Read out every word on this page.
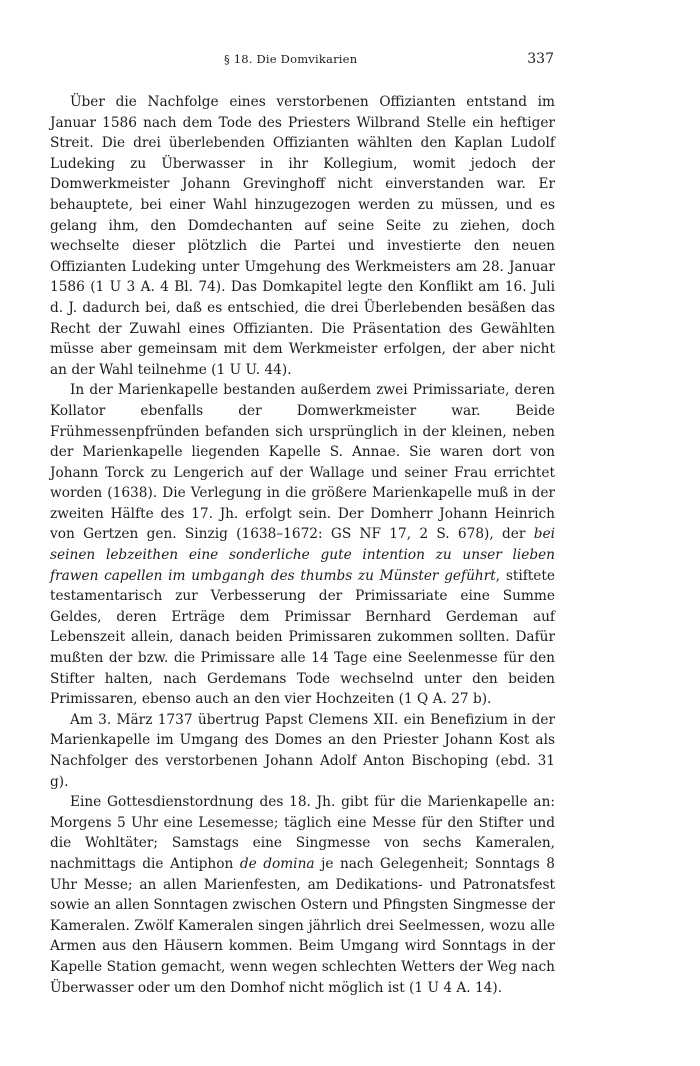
§ 18. Die Domvikarien	337

Über die Nachfolge eines verstorbenen Offizianten entstand im Januar 1586 nach dem Tode des Priesters Wilbrand Stelle ein heftiger Streit. Die drei überlebenden Offizianten wählten den Kaplan Ludolf Ludeking zu Überwasser in ihr Kollegium, womit jedoch der Domwerkmeister Johann Grevinghoff nicht einverstanden war. Er behauptete, bei einer Wahl hinzugezogen werden zu müssen, und es gelang ihm, den Domdechanten auf seine Seite zu ziehen, doch wechselte dieser plötzlich die Partei und investierte den neuen Offizianten Ludeking unter Umgehung des Werkmeisters am 28. Januar 1586 (1 U 3 A. 4 Bl. 74). Das Domkapitel legte den Konflikt am 16. Juli d. J. dadurch bei, daß es entschied, die drei Überlebenden besäßen das Recht der Zuwahl eines Offizianten. Die Präsentation des Gewählten müsse aber gemeinsam mit dem Werkmeister erfolgen, der aber nicht an der Wahl teilnehme (1 U U. 44).

In der Marienkapelle bestanden außerdem zwei Primissariate, deren Kollator ebenfalls der Domwerkmeister war. Beide Frühmessenpfründen befanden sich ursprünglich in der kleinen, neben der Marienkapelle liegenden Kapelle S. Annae. Sie waren dort von Johann Torck zu Lengerich auf der Wallage und seiner Frau errichtet worden (1638). Die Verlegung in die größere Marienkapelle muß in der zweiten Hälfte des 17. Jh. erfolgt sein. Der Domherr Johann Heinrich von Gertzen gen. Sinzig (1638–1672: GS NF 17, 2 S. 678), der bei seinen lebzeithen eine sonderliche gute intention zu unser lieben frawen capellen im umbgangh des thumbs zu Münster geführt, stiftete testamentarisch zur Verbesserung der Primissariate eine Summe Geldes, deren Erträge dem Primissar Bernhard Gerdeman auf Lebenszeit allein, danach beiden Primissaren zukommen sollten. Dafür mußten der bzw. die Primissare alle 14 Tage eine Seelenmesse für den Stifter halten, nach Gerdemans Tode wechselnd unter den beiden Primissaren, ebenso auch an den vier Hochzeiten (1 Q A. 27 b).

Am 3. März 1737 übertrug Papst Clemens XII. ein Benefizium in der Marienkapelle im Umgang des Domes an den Priester Johann Kost als Nachfolger des verstorbenen Johann Adolf Anton Bischoping (ebd. 31 g).

Eine Gottesdienstordnung des 18. Jh. gibt für die Marienkapelle an: Morgens 5 Uhr eine Lesemesse; täglich eine Messe für den Stifter und die Wohltäter; Samstags eine Singmesse von sechs Kameralen, nachmittags die Antiphon de domina je nach Gelegenheit; Sonntags 8 Uhr Messe; an allen Marienfesten, am Dedikations- und Patronatsfest sowie an allen Sonntagen zwischen Ostern und Pfingsten Singmesse der Kameralen. Zwölf Kameralen singen jährlich drei Seelmessen, wozu alle Armen aus den Häusern kommen. Beim Umgang wird Sonntags in der Kapelle Station gemacht, wenn wegen schlechten Wetters der Weg nach Überwasser oder um den Domhof nicht möglich ist (1 U 4 A. 14).
